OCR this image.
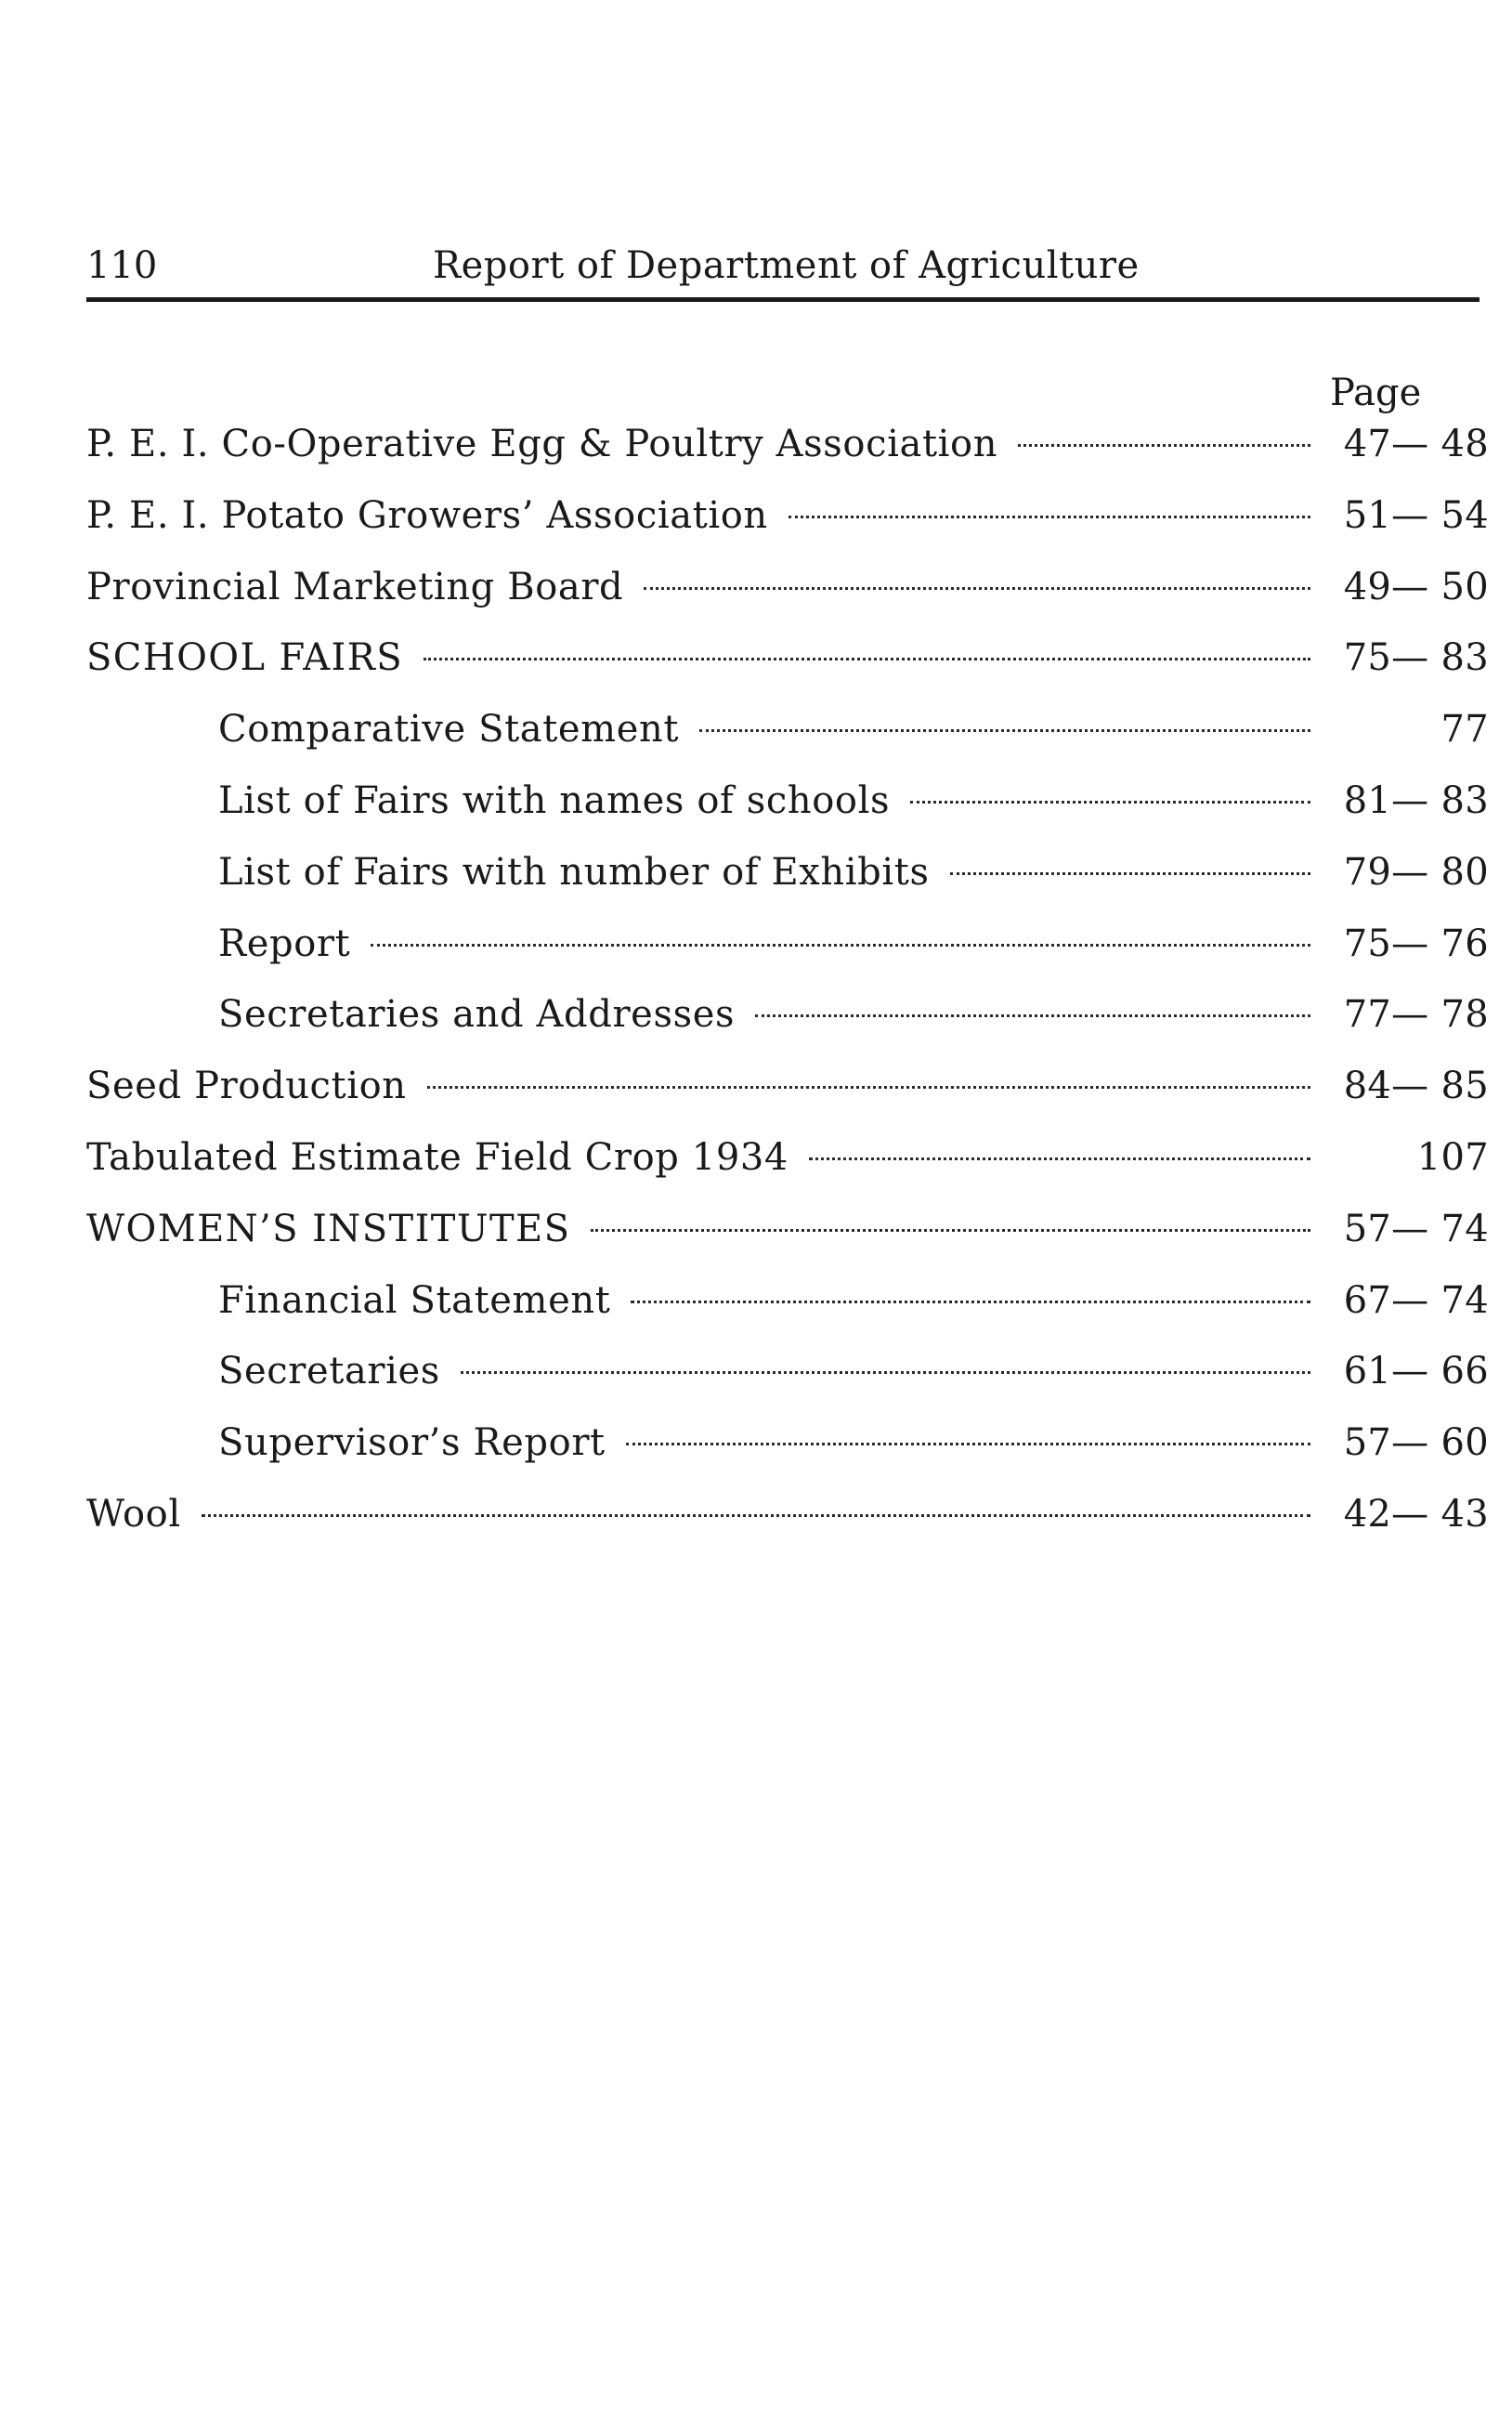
110	Report of Department of Agriculture
Page
P. E. I. Co-Operative Egg & Poultry Association	47— 48
P. E. I. Potato Growers’ Association	51— 54
Provincial Marketing Board	49— 50
SCHOOL FAIRS	75— 83
Comparative Statement	77
List of Fairs with names of schools	81— 83
List of Fairs with number of Exhibits	79— 80
Report	75— 76
Secretaries and Addresses	77— 78
Seed Production	84— 85
Tabulated Estimate Field Crop 1934	107
WOMEN’S INSTITUTES	57— 74
Financial Statement	67— 74
Secretaries	61— 66
Supervisor’s Report	57— 60
Wool	42— 43
